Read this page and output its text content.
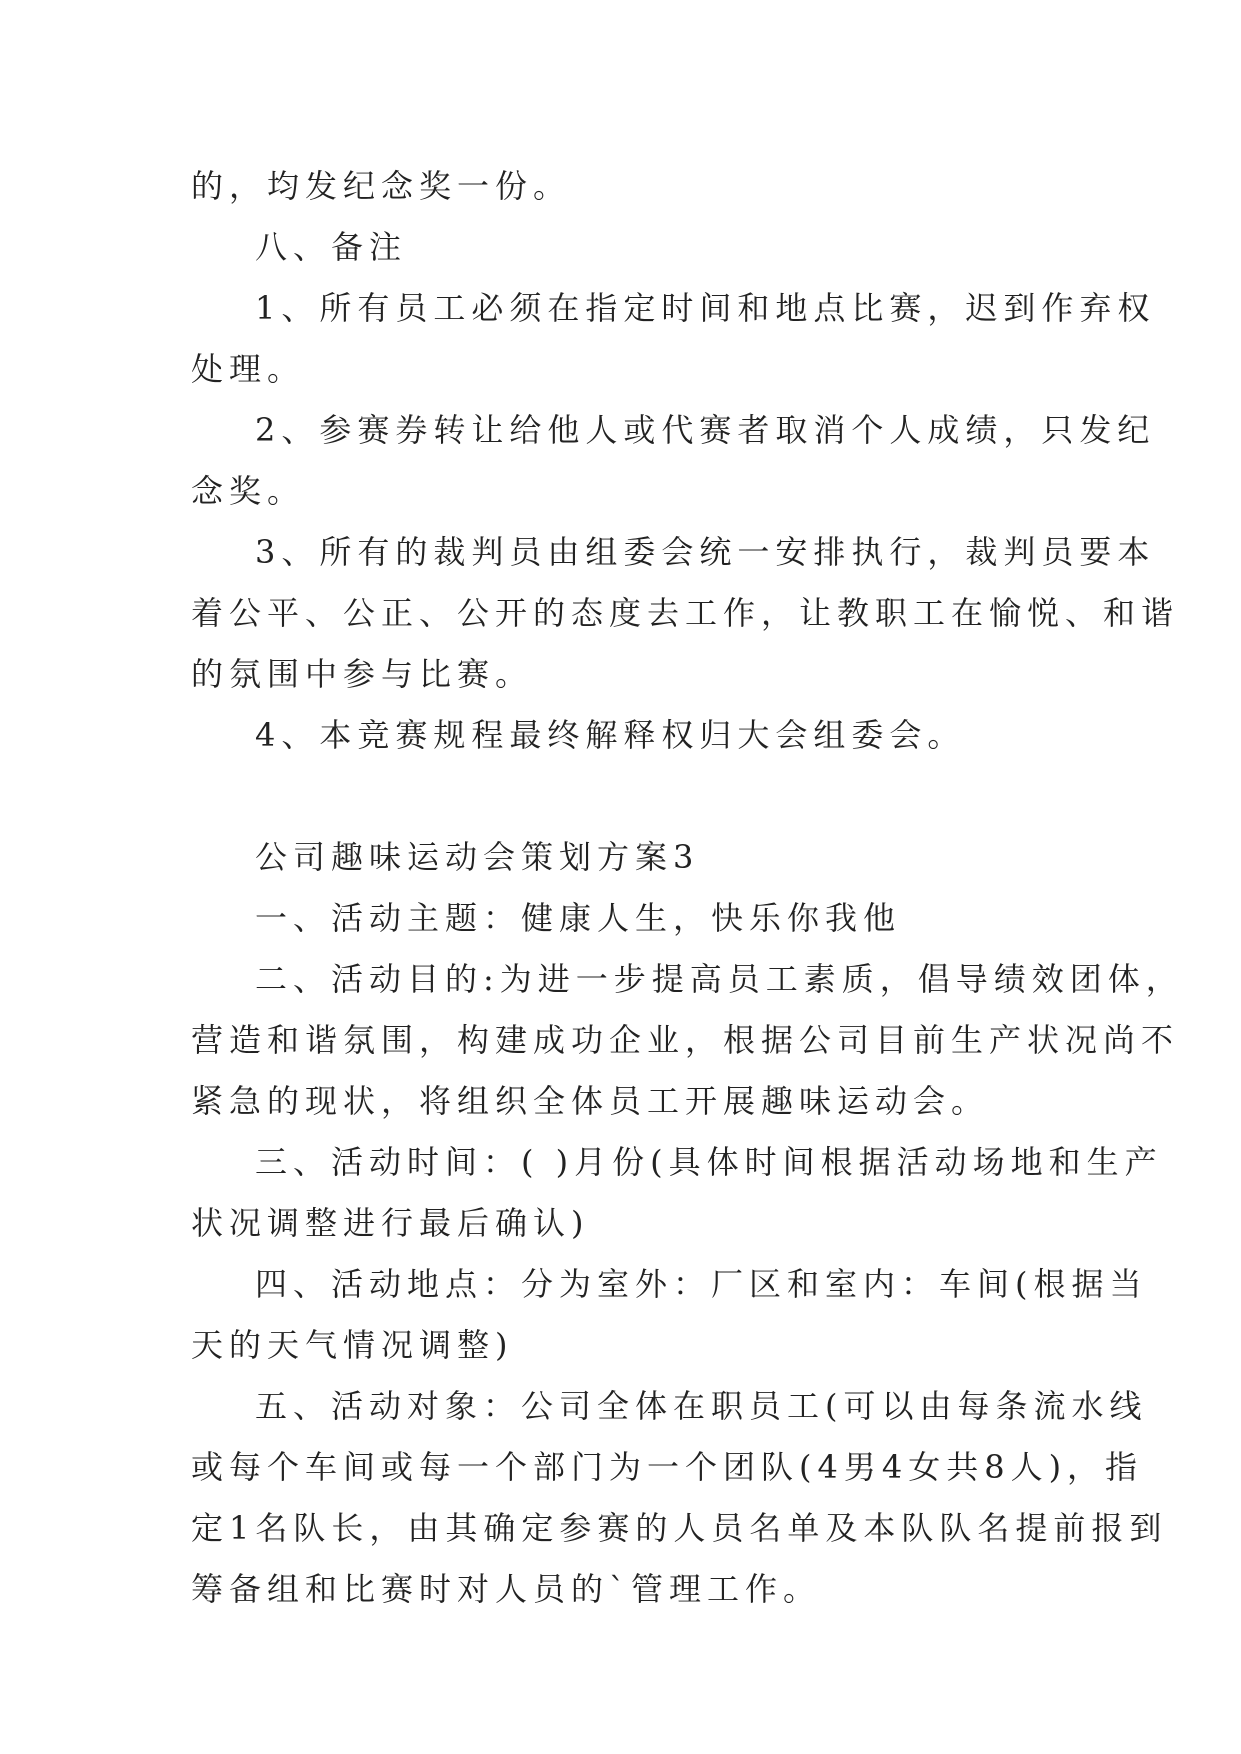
的，均发纪念奖一份。

八、备注

1、所有员工必须在指定时间和地点比赛，迟到作弃权

处理。

2、参赛券转让给他人或代赛者取消个人成绩，只发纪

念奖。

3、所有的裁判员由组委会统一安排执行，裁判员要本

着公平、公正、公开的态度去工作，让教职工在愉悦、和谐

的氛围中参与比赛。

4、本竞赛规程最终解释权归大会组委会。

公司趣味运动会策划方案3

一、活动主题：健康人生，快乐你我他

二、活动目的:为进一步提高员工素质，倡导绩效团体，

营造和谐氛围，构建成功企业，根据公司目前生产状况尚不

紧急的现状，将组织全体员工开展趣味运动会。

三、活动时间：( )月份(具体时间根据活动场地和生产

状况调整进行最后确认)

四、活动地点：分为室外：厂区和室内：车间(根据当

天的天气情况调整)

五、活动对象：公司全体在职员工(可以由每条流水线

或每个车间或每一个部门为一个团队(4男4女共8人)，指

定1名队长，由其确定参赛的人员名单及本队队名提前报到

筹备组和比赛时对人员的`管理工作。
